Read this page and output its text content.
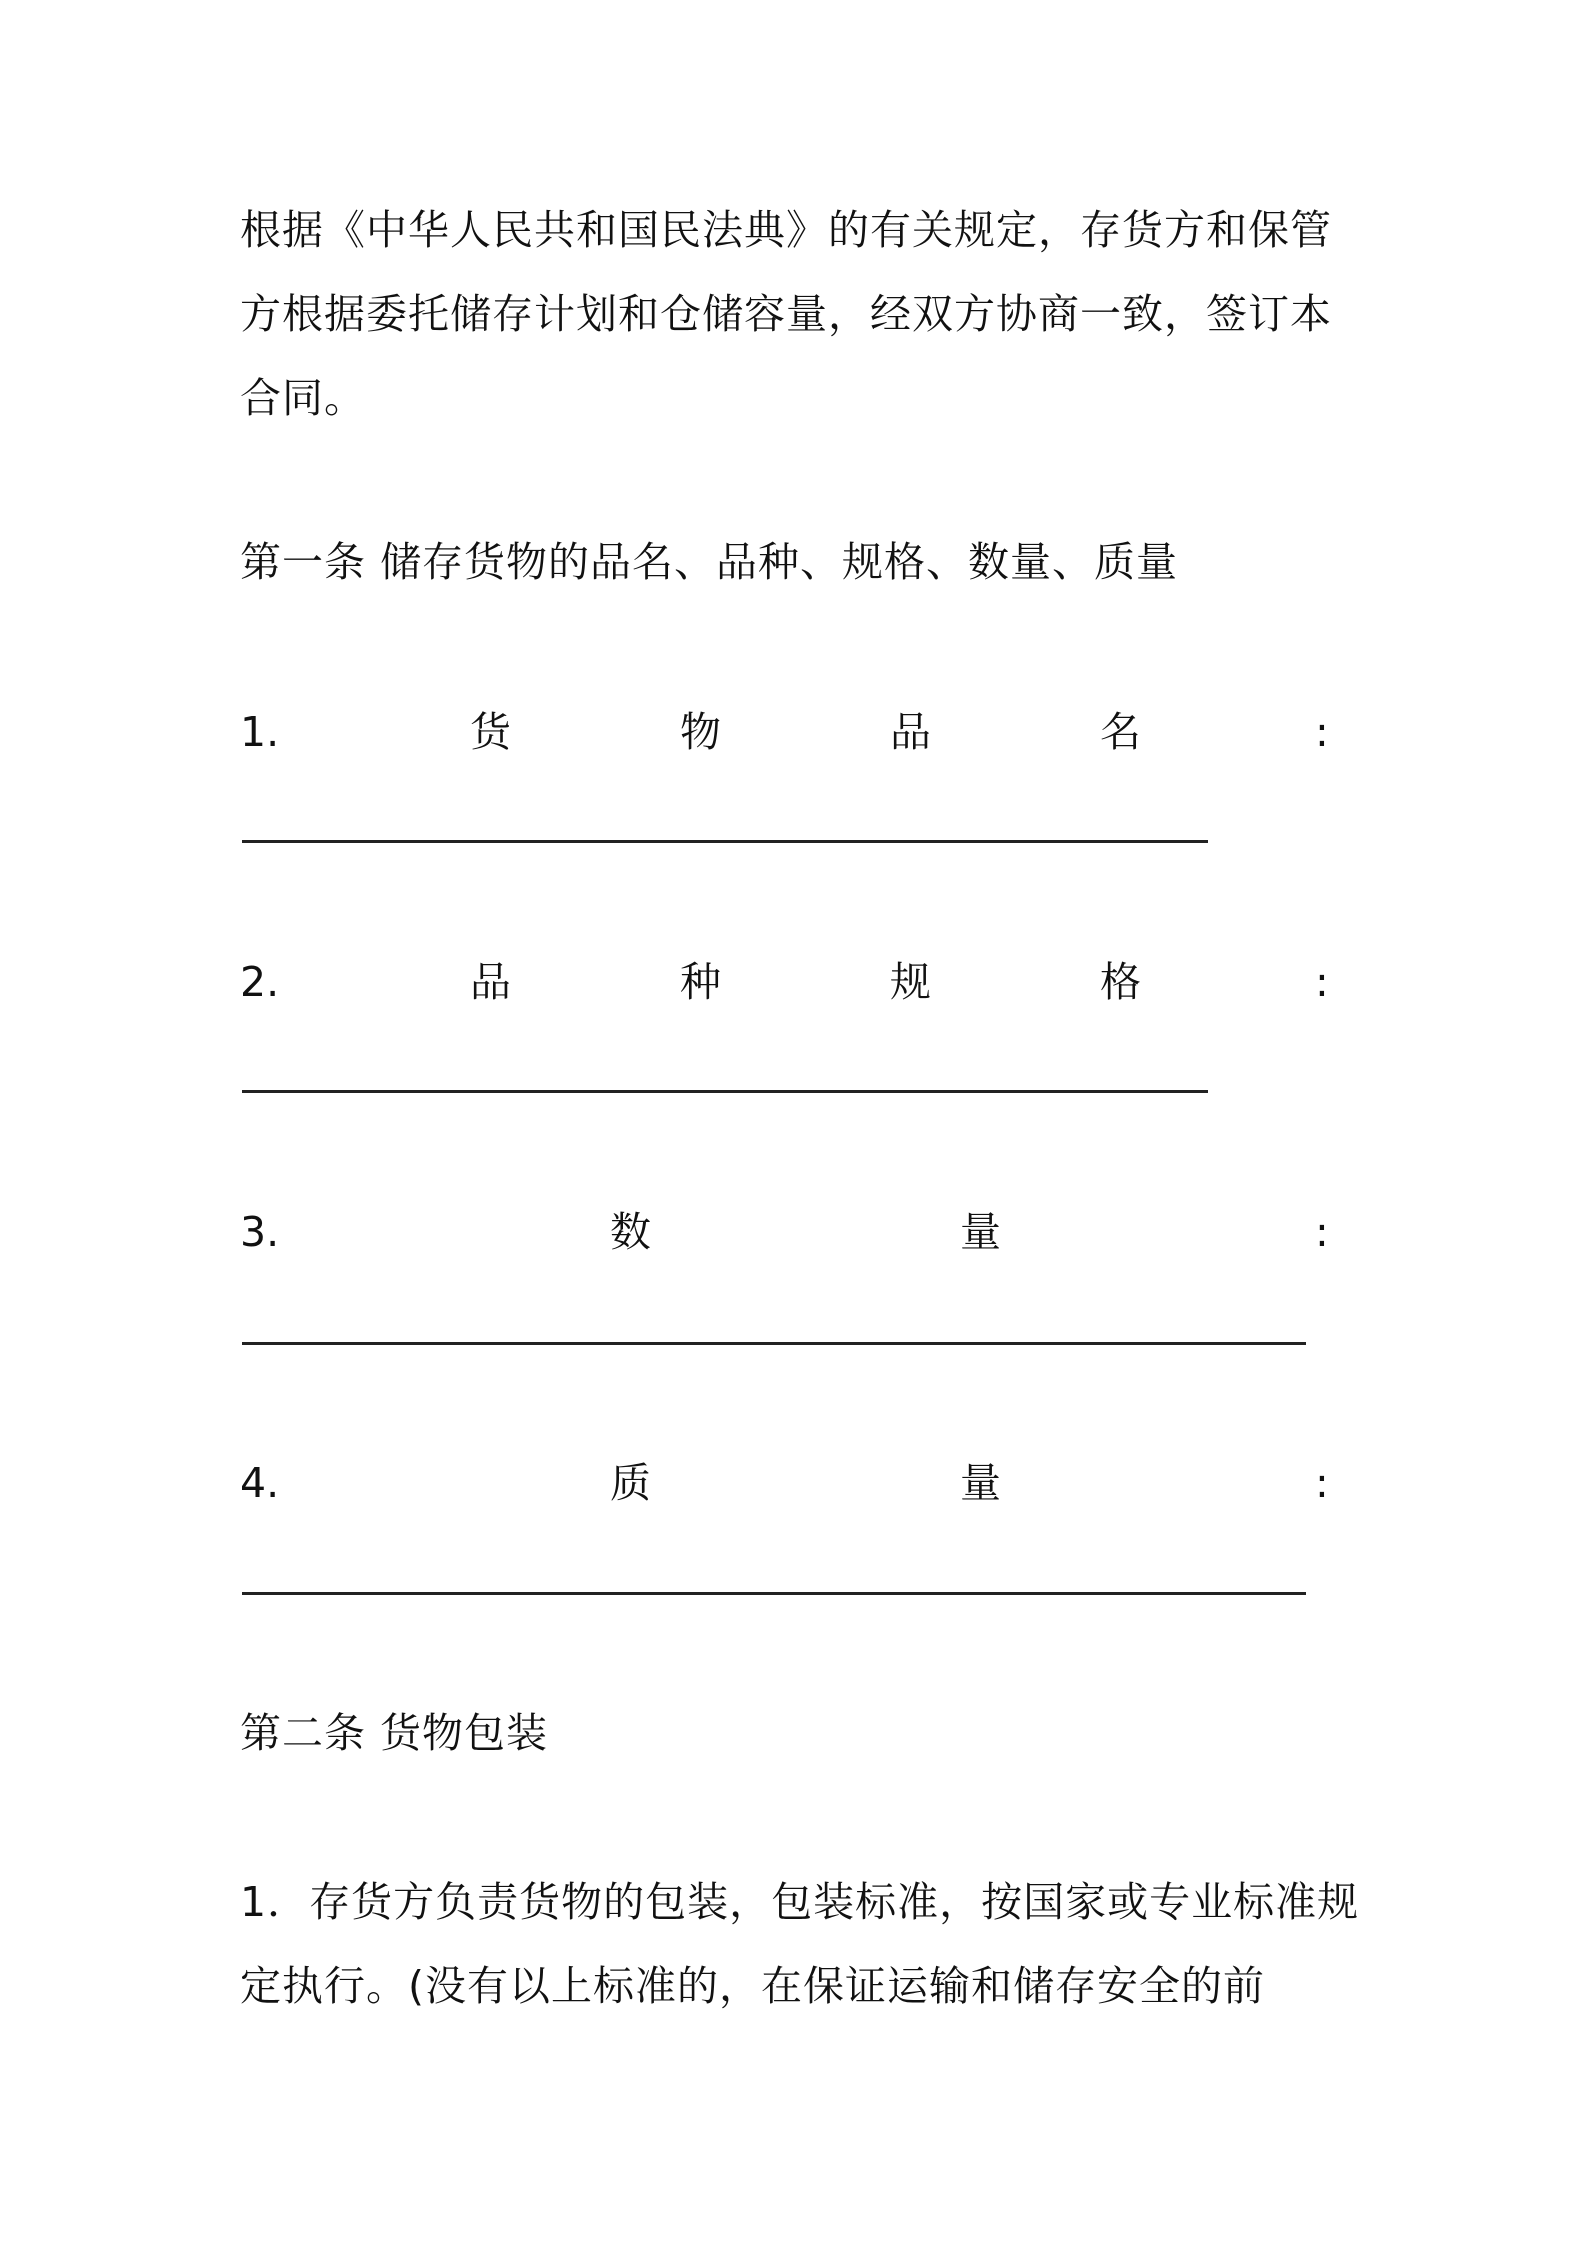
根据《中华人民共和国民法典》的有关规定，存货方和保管方根据委托储存计划和仓储容量，经双方协商一致，签订本合同。

第一条 储存货物的品名、品种、规格、数量、质量

1.	货	物	品	名	:
2.	品	种	规	格	:
3.	数	量	:
4.	质	量	:

第二条 货物包装

1．存货方负责货物的包装，包装标准，按国家或专业标准规定执行。(没有以上标准的，在保证运输和储存安全的前
